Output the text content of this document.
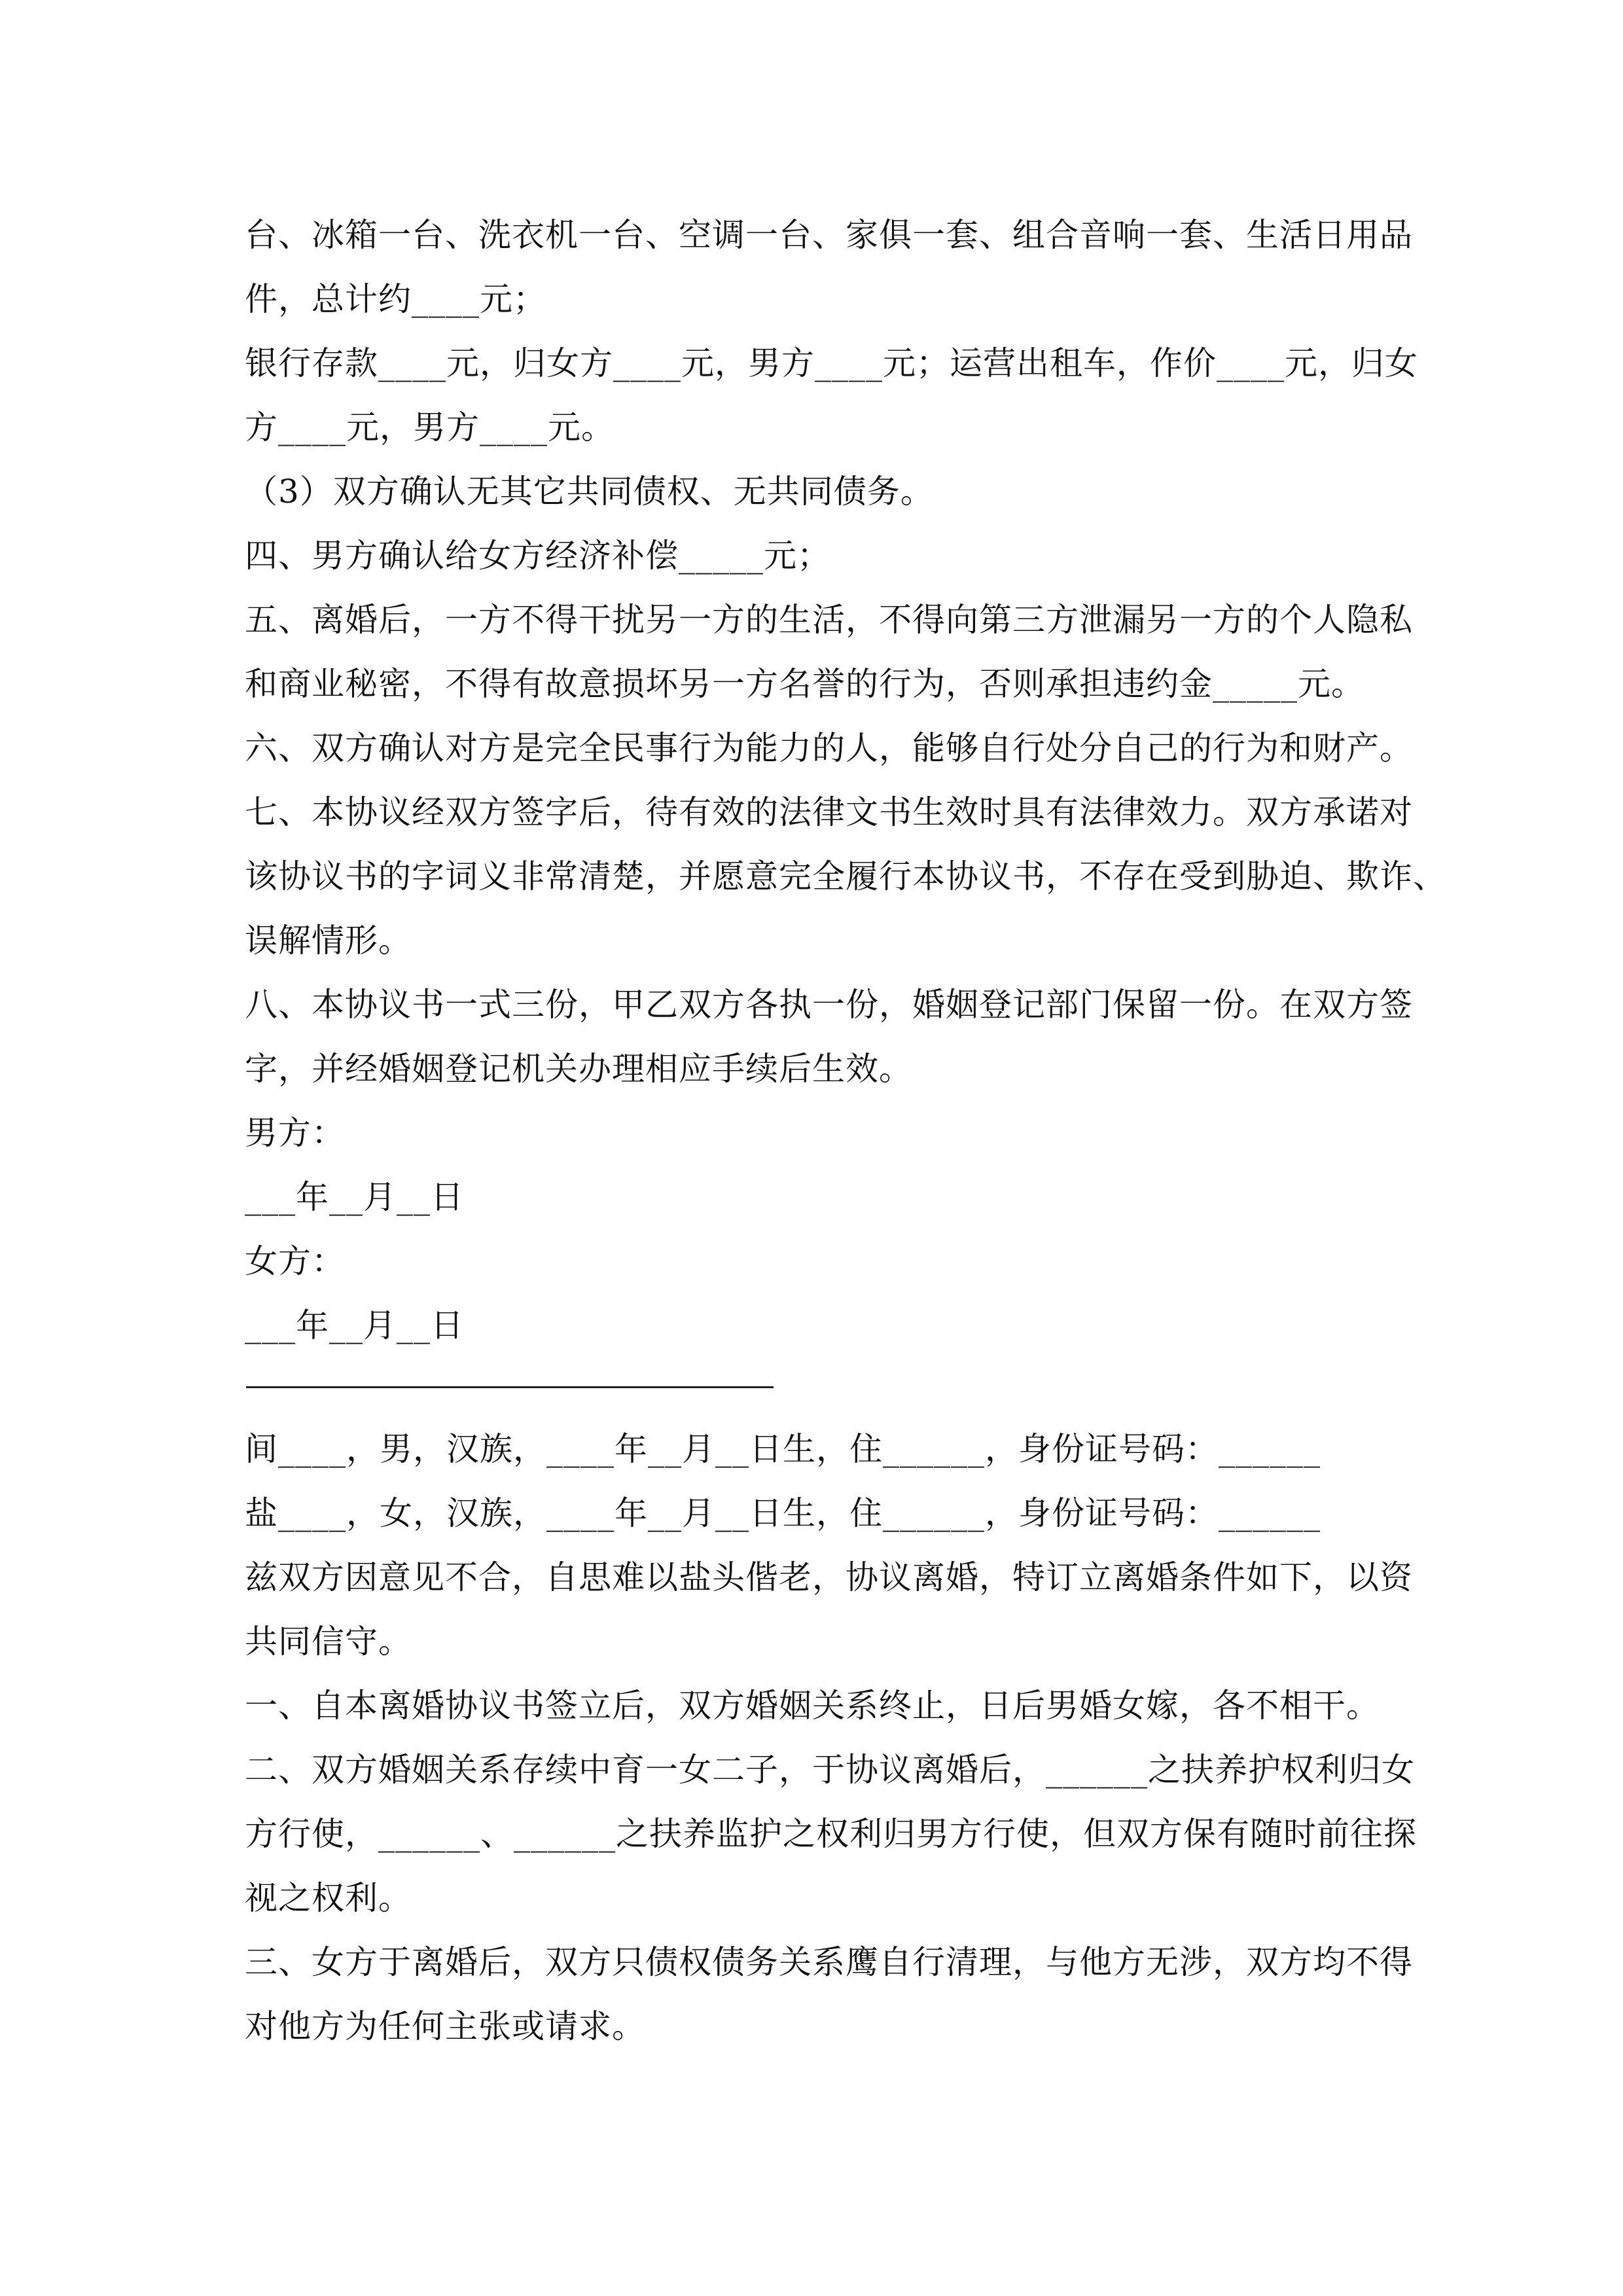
台、冰箱一台、洗衣机一台、空调一台、家俱一套、组合音响一套、生活日用品
件，总计约____元；
银行存款____元，归女方____元，男方____元；运营出租车，作价____元，归女
方____元，男方____元。
（3）双方确认无其它共同债权、无共同债务。
四、男方确认给女方经济补偿_____元；
五、离婚后，一方不得干扰另一方的生活，不得向第三方泄漏另一方的个人隐私
和商业秘密，不得有故意损坏另一方名誉的行为，否则承担违约金_____元。
六、双方确认对方是完全民事行为能力的人，能够自行处分自己的行为和财产。
七、本协议经双方签字后，待有效的法律文书生效时具有法律效力。双方承诺对
该协议书的字词义非常清楚，并愿意完全履行本协议书，不存在受到胁迫、欺诈、
误解情形。
八、本协议书一式三份，甲乙双方各执一份，婚姻登记部门保留一份。在双方签
字，并经婚姻登记机关办理相应手续后生效。
男方：
___年__月__日
女方：
___年__月__日
间____，男，汉族，____年__月__日生，住______，身份证号码：______
盐____，女，汉族，____年__月__日生，住______，身份证号码：______
兹双方因意见不合，自思难以盐头偕老，协议离婚，特订立离婚条件如下，以资
共同信守。
一、自本离婚协议书签立后，双方婚姻关系终止，日后男婚女嫁，各不相干。
二、双方婚姻关系存续中育一女二子，于协议离婚后，______之扶养护权利归女
方行使，______、______之扶养监护之权利归男方行使，但双方保有随时前往探
视之权利。
三、女方于离婚后，双方只债权债务关系鹰自行清理，与他方无涉，双方均不得
对他方为任何主张或请求。
